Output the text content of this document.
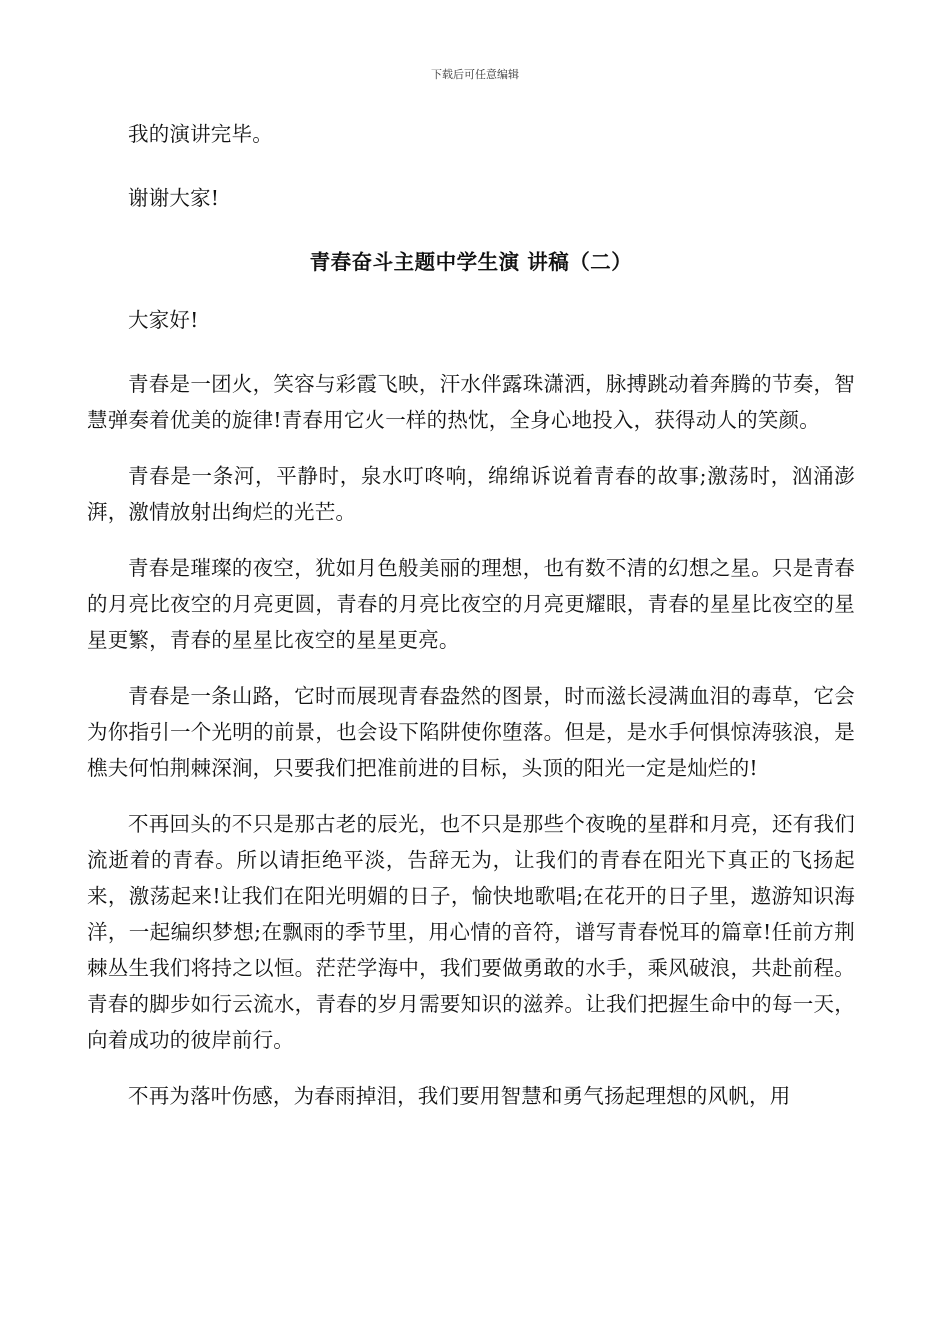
下载后可任意编辑

我的演讲完毕。

谢谢大家!

青春奋斗主题中学生演 讲稿（二）

大家好!

青春是一团火，笑容与彩霞飞映，汗水伴露珠潇洒，脉搏跳动着奔腾的节奏，智慧弹奏着优美的旋律!青春用它火一样的热忱，全身心地投入，获得动人的笑颜。

青春是一条河，平静时，泉水叮咚响，绵绵诉说着青春的故事;激荡时，汹涌澎湃，激情放射出绚烂的光芒。

青春是璀璨的夜空，犹如月色般美丽的理想，也有数不清的幻想之星。只是青春的月亮比夜空的月亮更圆，青春的月亮比夜空的月亮更耀眼，青春的星星比夜空的星星更繁，青春的星星比夜空的星星更亮。

青春是一条山路，它时而展现青春盎然的图景，时而滋长浸满血泪的毒草，它会为你指引一个光明的前景，也会设下陷阱使你堕落。但是，是水手何惧惊涛骇浪，是樵夫何怕荆棘深涧，只要我们把准前进的目标，头顶的阳光一定是灿烂的!

不再回头的不只是那古老的辰光，也不只是那些个夜晚的星群和月亮，还有我们流逝着的青春。所以请拒绝平淡，告辞无为，让我们的青春在阳光下真正的飞扬起来，激荡起来!让我们在阳光明媚的日子，愉快地歌唱;在花开的日子里，遨游知识海洋，一起编织梦想;在飘雨的季节里，用心情的音符，谱写青春悦耳的篇章!任前方荆棘丛生我们将持之以恒。茫茫学海中，我们要做勇敢的水手，乘风破浪，共赴前程。青春的脚步如行云流水，青春的岁月需要知识的滋养。让我们把握生命中的每一天，向着成功的彼岸前行。

不再为落叶伤感，为春雨掉泪，我们要用智慧和勇气扬起理想的风帆，用
